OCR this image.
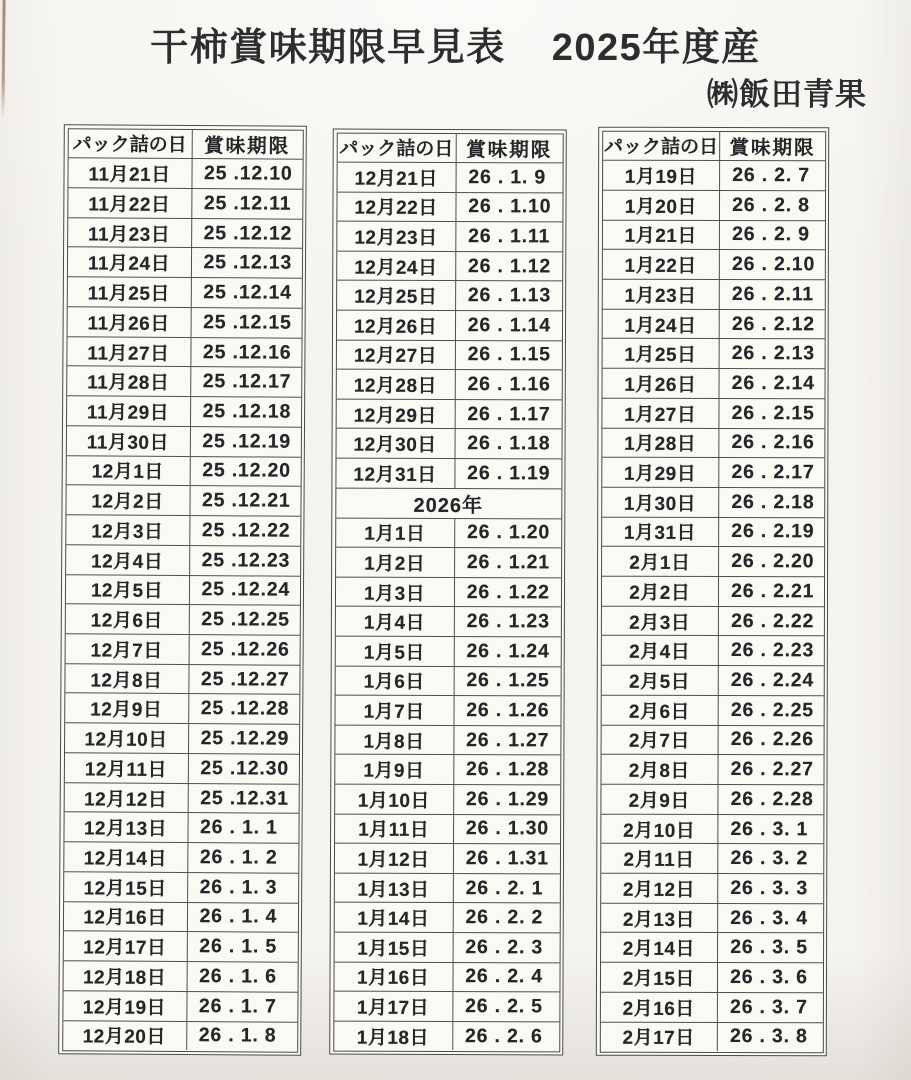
干柿賞味期限早見表 2025年度産
㈱飯田青果
パック詰の日 賞味期限
11月21日	25 .12.10
11月22日	25 .12.11
11月23日	25 .12.12
11月24日	25 .12.13
11月25日	25 .12.14
11月26日	25 .12.15
11月27日	25 .12.16
11月28日	25 .12.17
11月29日	25 .12.18
11月30日	25 .12.19
12月1日	25 .12.20
12月2日	25 .12.21
12月3日	25 .12.22
12月4日	25 .12.23
12月5日	25 .12.24
12月6日	25 .12.25
12月7日	25 .12.26
12月8日	25 .12.27
12月9日	25 .12.28
12月10日	25 .12.29
12月11日	25 .12.30
12月12日	25 .12.31
12月13日	26 . 1. 1
12月14日	26 . 1. 2
12月15日	26 . 1. 3
12月16日	26 . 1. 4
12月17日	26 . 1. 5
12月18日	26 . 1. 6
12月19日	26 . 1. 7
12月20日	26 . 1. 8
パック詰の日 賞味期限
12月21日	26 . 1. 9
12月22日	26 . 1.10
12月23日	26 . 1.11
12月24日	26 . 1.12
12月25日	26 . 1.13
12月26日	26 . 1.14
12月27日	26 . 1.15
12月28日	26 . 1.16
12月29日	26 . 1.17
12月30日	26 . 1.18
12月31日	26 . 1.19
2026年
1月1日	26 . 1.20
1月2日	26 . 1.21
1月3日	26 . 1.22
1月4日	26 . 1.23
1月5日	26 . 1.24
1月6日	26 . 1.25
1月7日	26 . 1.26
1月8日	26 . 1.27
1月9日	26 . 1.28
1月10日	26 . 1.29
1月11日	26 . 1.30
1月12日	26 . 1.31
1月13日	26 . 2. 1
1月14日	26 . 2. 2
1月15日	26 . 2. 3
1月16日	26 . 2. 4
1月17日	26 . 2. 5
1月18日	26 . 2. 6
パック詰の日 賞味期限
1月19日	26 . 2. 7
1月20日	26 . 2. 8
1月21日	26 . 2. 9
1月22日	26 . 2.10
1月23日	26 . 2.11
1月24日	26 . 2.12
1月25日	26 . 2.13
1月26日	26 . 2.14
1月27日	26 . 2.15
1月28日	26 . 2.16
1月29日	26 . 2.17
1月30日	26 . 2.18
1月31日	26 . 2.19
2月1日	26 . 2.20
2月2日	26 . 2.21
2月3日	26 . 2.22
2月4日	26 . 2.23
2月5日	26 . 2.24
2月6日	26 . 2.25
2月7日	26 . 2.26
2月8日	26 . 2.27
2月9日	26 . 2.28
2月10日	26 . 3. 1
2月11日	26 . 3. 2
2月12日	26 . 3. 3
2月13日	26 . 3. 4
2月14日	26 . 3. 5
2月15日	26 . 3. 6
2月16日	26 . 3. 7
2月17日	26 . 3. 8
